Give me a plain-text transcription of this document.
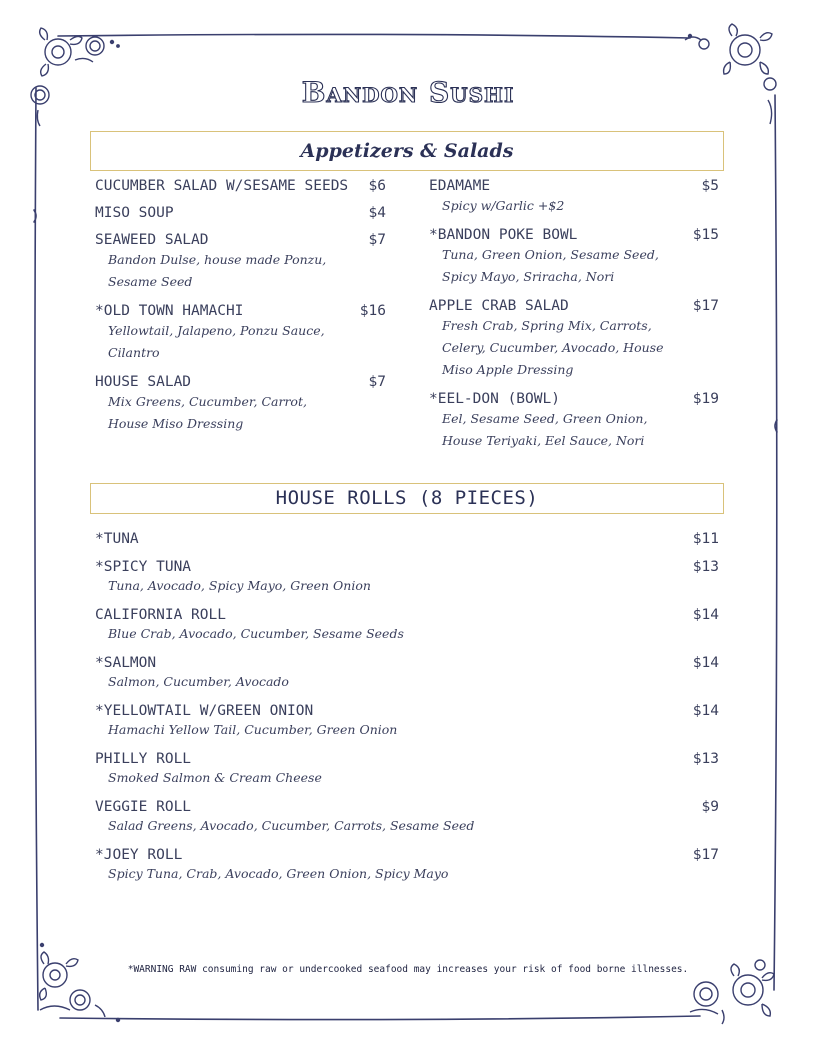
Bandon Sushi
Appetizers & Salads
CUCUMBER SALAD W/SESAME SEEDS	$6
MISO SOUP	$4
SEAWEED SALAD	$7
Bandon Dulse, house made Ponzu, Sesame Seed
*OLD TOWN HAMACHI	$16
Yellowtail, Jalapeno, Ponzu Sauce, Cilantro
HOUSE SALAD	$7
Mix Greens, Cucumber, Carrot, House Miso Dressing
EDAMAME	$5
Spicy w/Garlic +$2
*BANDON POKE BOWL	$15
Tuna, Green Onion, Sesame Seed, Spicy Mayo, Sriracha, Nori
APPLE CRAB SALAD	$17
Fresh Crab, Spring Mix, Carrots, Celery, Cucumber, Avocado, House Miso Apple Dressing
*EEL-DON (BOWL)	$19
Eel, Sesame Seed, Green Onion, House Teriyaki, Eel Sauce, Nori
HOUSE ROLLS (8 PIECES)
*TUNA	$11
*SPICY TUNA	$13
Tuna, Avocado, Spicy Mayo, Green Onion
CALIFORNIA ROLL	$14
Blue Crab, Avocado, Cucumber, Sesame Seeds
*SALMON	$14
Salmon, Cucumber, Avocado
*YELLOWTAIL W/GREEN ONION	$14
Hamachi Yellow Tail, Cucumber, Green Onion
PHILLY ROLL	$13
Smoked Salmon & Cream Cheese
VEGGIE ROLL	$9
Salad Greens, Avocado, Cucumber, Carrots, Sesame Seed
*JOEY ROLL	$17
Spicy Tuna, Crab, Avocado, Green Onion, Spicy Mayo
*WARNING RAW consuming raw or undercooked seafood may increases your risk of food borne illnesses.
